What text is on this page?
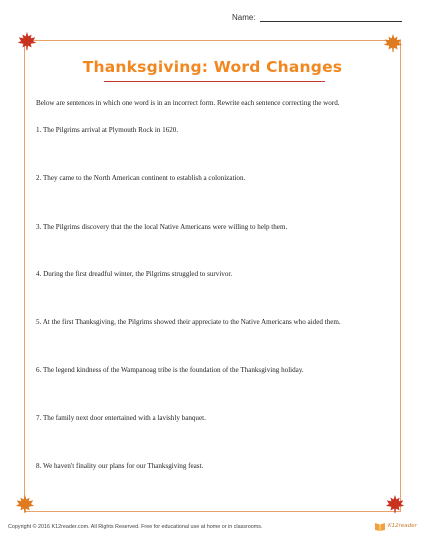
Name:
Thanksgiving: Word Changes
Below are sentences in which one word is in an incorrect form. Rewrite each sentence correcting the word.
1. The Pilgrims arrival at Plymouth Rock in 1620.
2. They came to the North American continent to establish a colonization.
3. The Pilgrims discovery that the the local Native Americans were willing to help them.
4. During the first dreadful winter, the Pilgrims struggled to survivor.
5. At the first Thanksgiving, the Pilgrims showed their appreciate to the Native Americans who aided them.
6. The legend kindness of the Wampanoag tribe is the foundation of the Thanksgiving holiday.
7. The family next door entertained with a lavishly banquet.
8. We haven't finality our plans for our Thanksgiving feast.
Copyright © 2016 K12reader.com. All Rights Reserved. Free for educational use at home or in classrooms.	K12reader
